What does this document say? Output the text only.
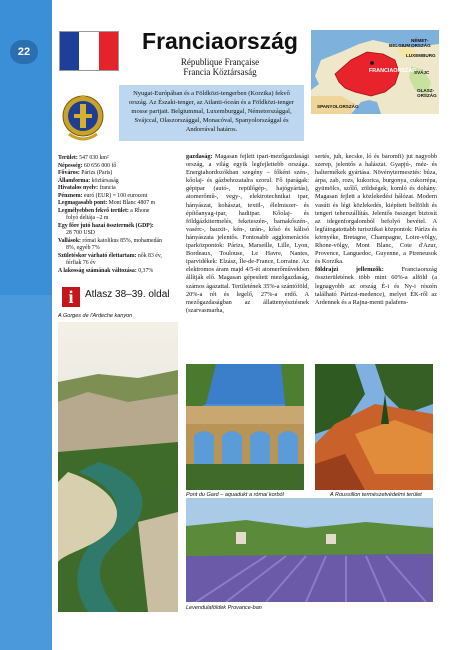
22	Franciaország
République Française
Francia Köztársaság
Nyugat-Európában és a Földközi-tengerben (Korzika) fekvő ország. Az Északi-tenger, az Atlanti-óceán és a Földközi-tenger mosse partjait. Belgiummal, Luxemburggal, Németországgal, Svájccal, Olaszországgal, Monacóval, Spanyolországgal és Andorrával határos.
BELGIUM
NÉMET-
ORSZÁG
LUXEMBURG
FRANCIAORSZÁG
SVÁJC
OLASZ-
ORSZÁG
SPANYOLORSZÁG
Terület: 547 030 km²
Népesség: 60 656 000 fő
Főváros: Párizs (Paris)
Államforma: köztársaság
Hivatalos nyelv: francia
Pénznem: euró (EUR) = 100 eurocent
Legmagasabb pont: Mont Blanc 4807 m
Legmélyebben fekvő terület: a Rhone
folyó deltája –2 m
Egy főre jutó hazai össztermék (GDP):
28 700 USD
Vallások: római katolikus 85%, mohamedán
8%, egyéb 7%
Születéskor várható élettartam: nők 83 év,
férfiak 76 év
A lakosság számának változása: 0,37%
i	Atlasz 38–39. oldal
A Gorges de l'Ardeche kanyon

gazdaság: Magasan fejlett ipari-mezőgazdasági ország, a világ egyik legfejlettebb országa. Energiahordozókban szegény – főként szén-, kőolaj- és gázbehozatalra szorul. Fő iparágak: gépipar (autó-, repülőgép-, hajógyártás), atomerőmű-, vegy-, elektrotechnikai ipar, hányászat, kohászat, textil-, élelmiszer- és építőanyag-ipar, hadiipar. Kőolaj- és földgázkitermelés, feketeszén-, barnakőszén-, vasérc-, bauxit-, kén-, urán-, kősó és kálisó hányászata jelentős. Fontosabb agglomerációs iparközpontok: Párizs, Marseille, Lille, Lyon, Bordeaux, Toulouse, Le Havre, Nantes, iparvidékek: Elzász, Île-de-France, Lorraine. Az elektromos áram majd 4/5-ét atomerőművekben állítják elő. Magasan gépesített mezőgazdaság, számos ágazattal. Területének 35%-a szántóföld, 20%-a rét és legelő, 27%-a erdő. A mezőgazdaságban az állattenyésztésnek (szarvasmarha,

sertés, juh, kecske, ló és baromfi) jut nagyobb szerep, jelentős a halászat. Gyapjú-, méz- és haltermékek gyártása. Növénytermesztés: búza, árpa, zab, rozs, kukorica, burgonya, cukorrépa, gyümölcs, szőlő, zöldségek, komló és dohány. Magasan fejlett a közlekedési hálózat. Modern vasúti és légi közlekedés, kiépített belföldi és tengeri teherszállítás. Jelentős összeget biztosít az idegenforgalomból befolyó bevétel. A legfátogatottabb turisztikai központok: Párizs és környéke, Bretagne, Champagne, Loire-völgy, Rhone-völgy, Mont Blanc, Cote d'Azur, Provence, Languedoc, Guyenne, a Pireneusok és Korzika.

földrajzi jellemzők: Franciaország összterületének több mint 60%-a alföld (a legnagyobb az ország É-i és Ny-i részén található Párizsi-medence), melyet ÉK-ről az Ardennek és a Rajna-menti palafens-

Pont du Gard – aquadukt a római korból	A Roussillon természetvédelmi terület
Levendulaföldek Provance-ban
